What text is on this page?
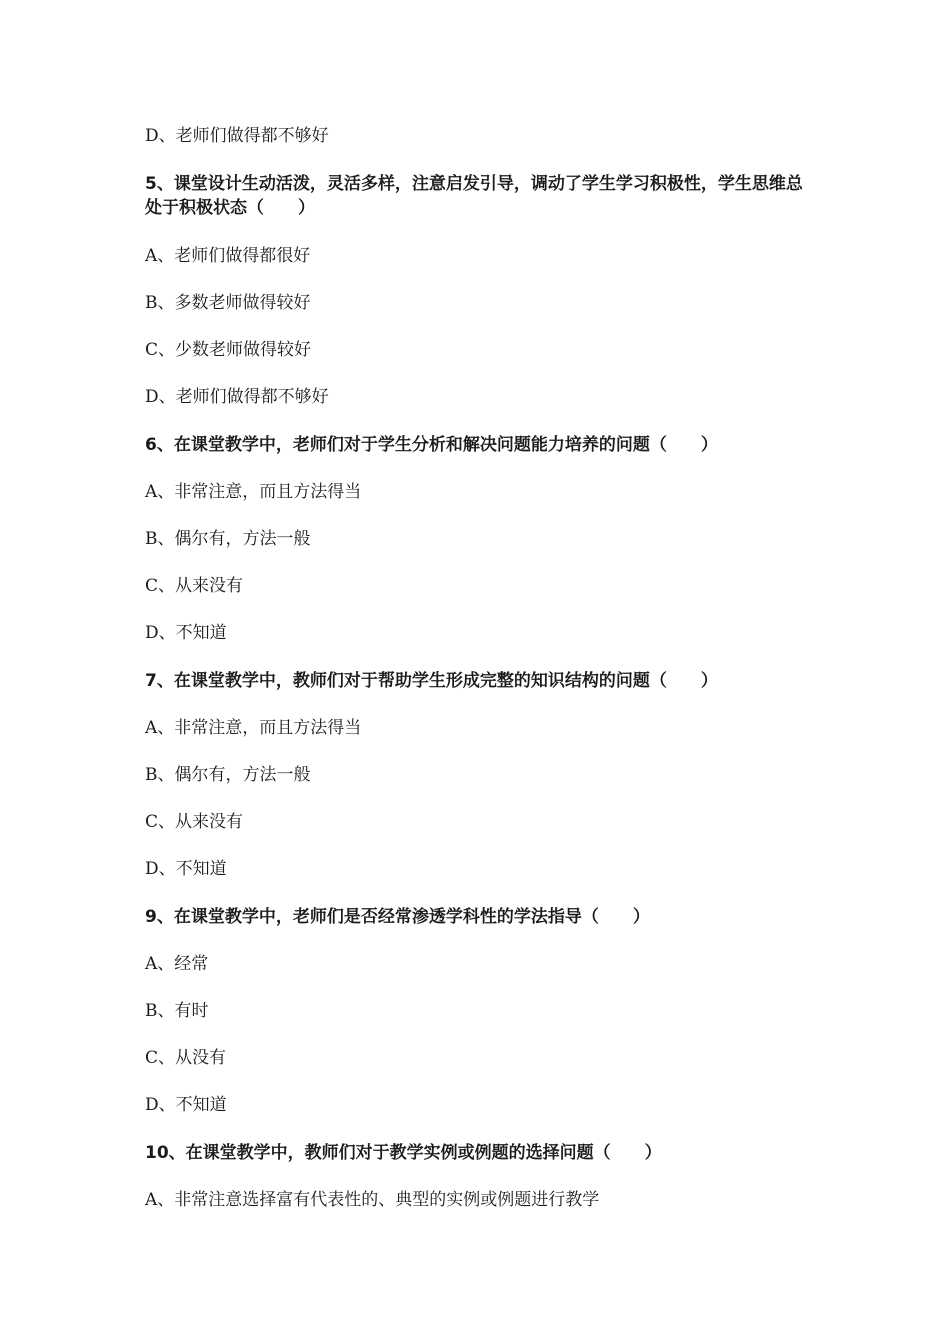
D、老师们做得都不够好
5、课堂设计生动活泼，灵活多样，注意启发引导，调动了学生学习积极性，学生思维总处于积极状态（　　）
A、老师们做得都很好
B、多数老师做得较好
C、少数老师做得较好
D、老师们做得都不够好
6、在课堂教学中，老师们对于学生分析和解决问题能力培养的问题（　　）
A、非常注意，而且方法得当
B、偶尔有，方法一般
C、从来没有
D、不知道
7、在课堂教学中，教师们对于帮助学生形成完整的知识结构的问题（　　）
A、非常注意，而且方法得当
B、偶尔有，方法一般
C、从来没有
D、不知道
9、在课堂教学中，老师们是否经常渗透学科性的学法指导（　　）
A、经常
B、有时
C、从没有
D、不知道
10、在课堂教学中，教师们对于教学实例或例题的选择问题（　　）
A、非常注意选择富有代表性的、典型的实例或例题进行教学
